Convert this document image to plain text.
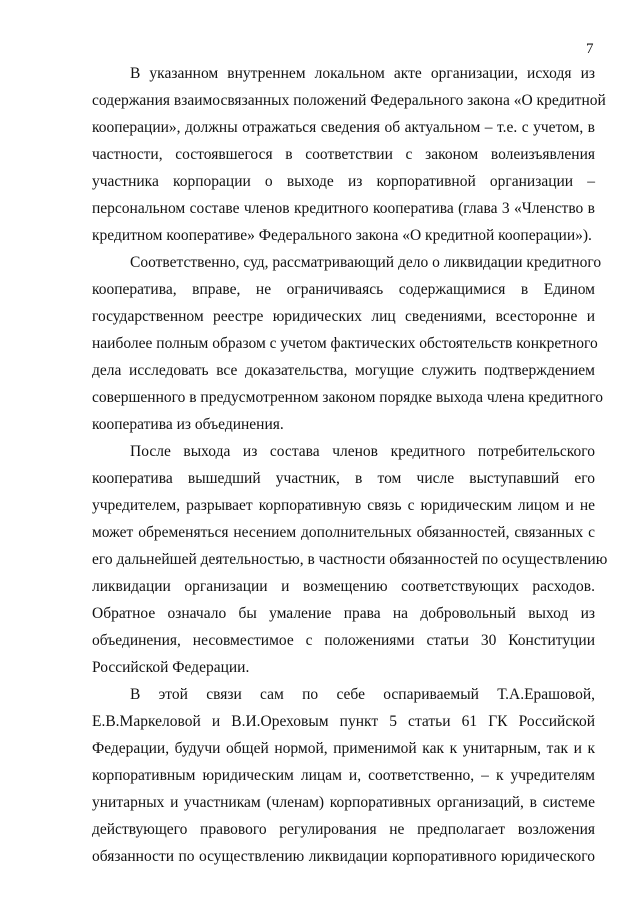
7

В указанном внутреннем локальном акте организации, исходя из
содержания взаимосвязанных положений Федерального закона «О кредитной
кооперации», должны отражаться сведения об актуальном – т.е. с учетом, в
частности, состоявшегося в соответствии с законом волеизъявления
участника корпорации о выходе из корпоративной организации –
персональном составе членов кредитного кооператива (глава 3 «Членство в
кредитном кооперативе» Федерального закона «О кредитной кооперации»).

Соответственно, суд, рассматривающий дело о ликвидации кредитного
кооператива, вправе, не ограничиваясь содержащимися в Едином
государственном реестре юридических лиц сведениями, всесторонне и
наиболее полным образом с учетом фактических обстоятельств конкретного
дела исследовать все доказательства, могущие служить подтверждением
совершенного в предусмотренном законом порядке выхода члена кредитного
кооператива из объединения.

После выхода из состава членов кредитного потребительского
кооператива вышедший участник, в том числе выступавший его
учредителем, разрывает корпоративную связь с юридическим лицом и не
может обременяться несением дополнительных обязанностей, связанных с
его дальнейшей деятельностью, в частности обязанностей по осуществлению
ликвидации организации и возмещению соответствующих расходов.
Обратное означало бы умаление права на добровольный выход из
объединения, несовместимое с положениями статьи 30 Конституции
Российской Федерации.

В этой связи сам по себе оспариваемый Т.А.Ерашовой,
Е.В.Маркеловой и В.И.Ореховым пункт 5 статьи 61 ГК Российской
Федерации, будучи общей нормой, применимой как к унитарным, так и к
корпоративным юридическим лицам и, соответственно, – к учредителям
унитарных и участникам (членам) корпоративных организаций, в системе
действующего правового регулирования не предполагает возложения
обязанности по осуществлению ликвидации корпоративного юридического
